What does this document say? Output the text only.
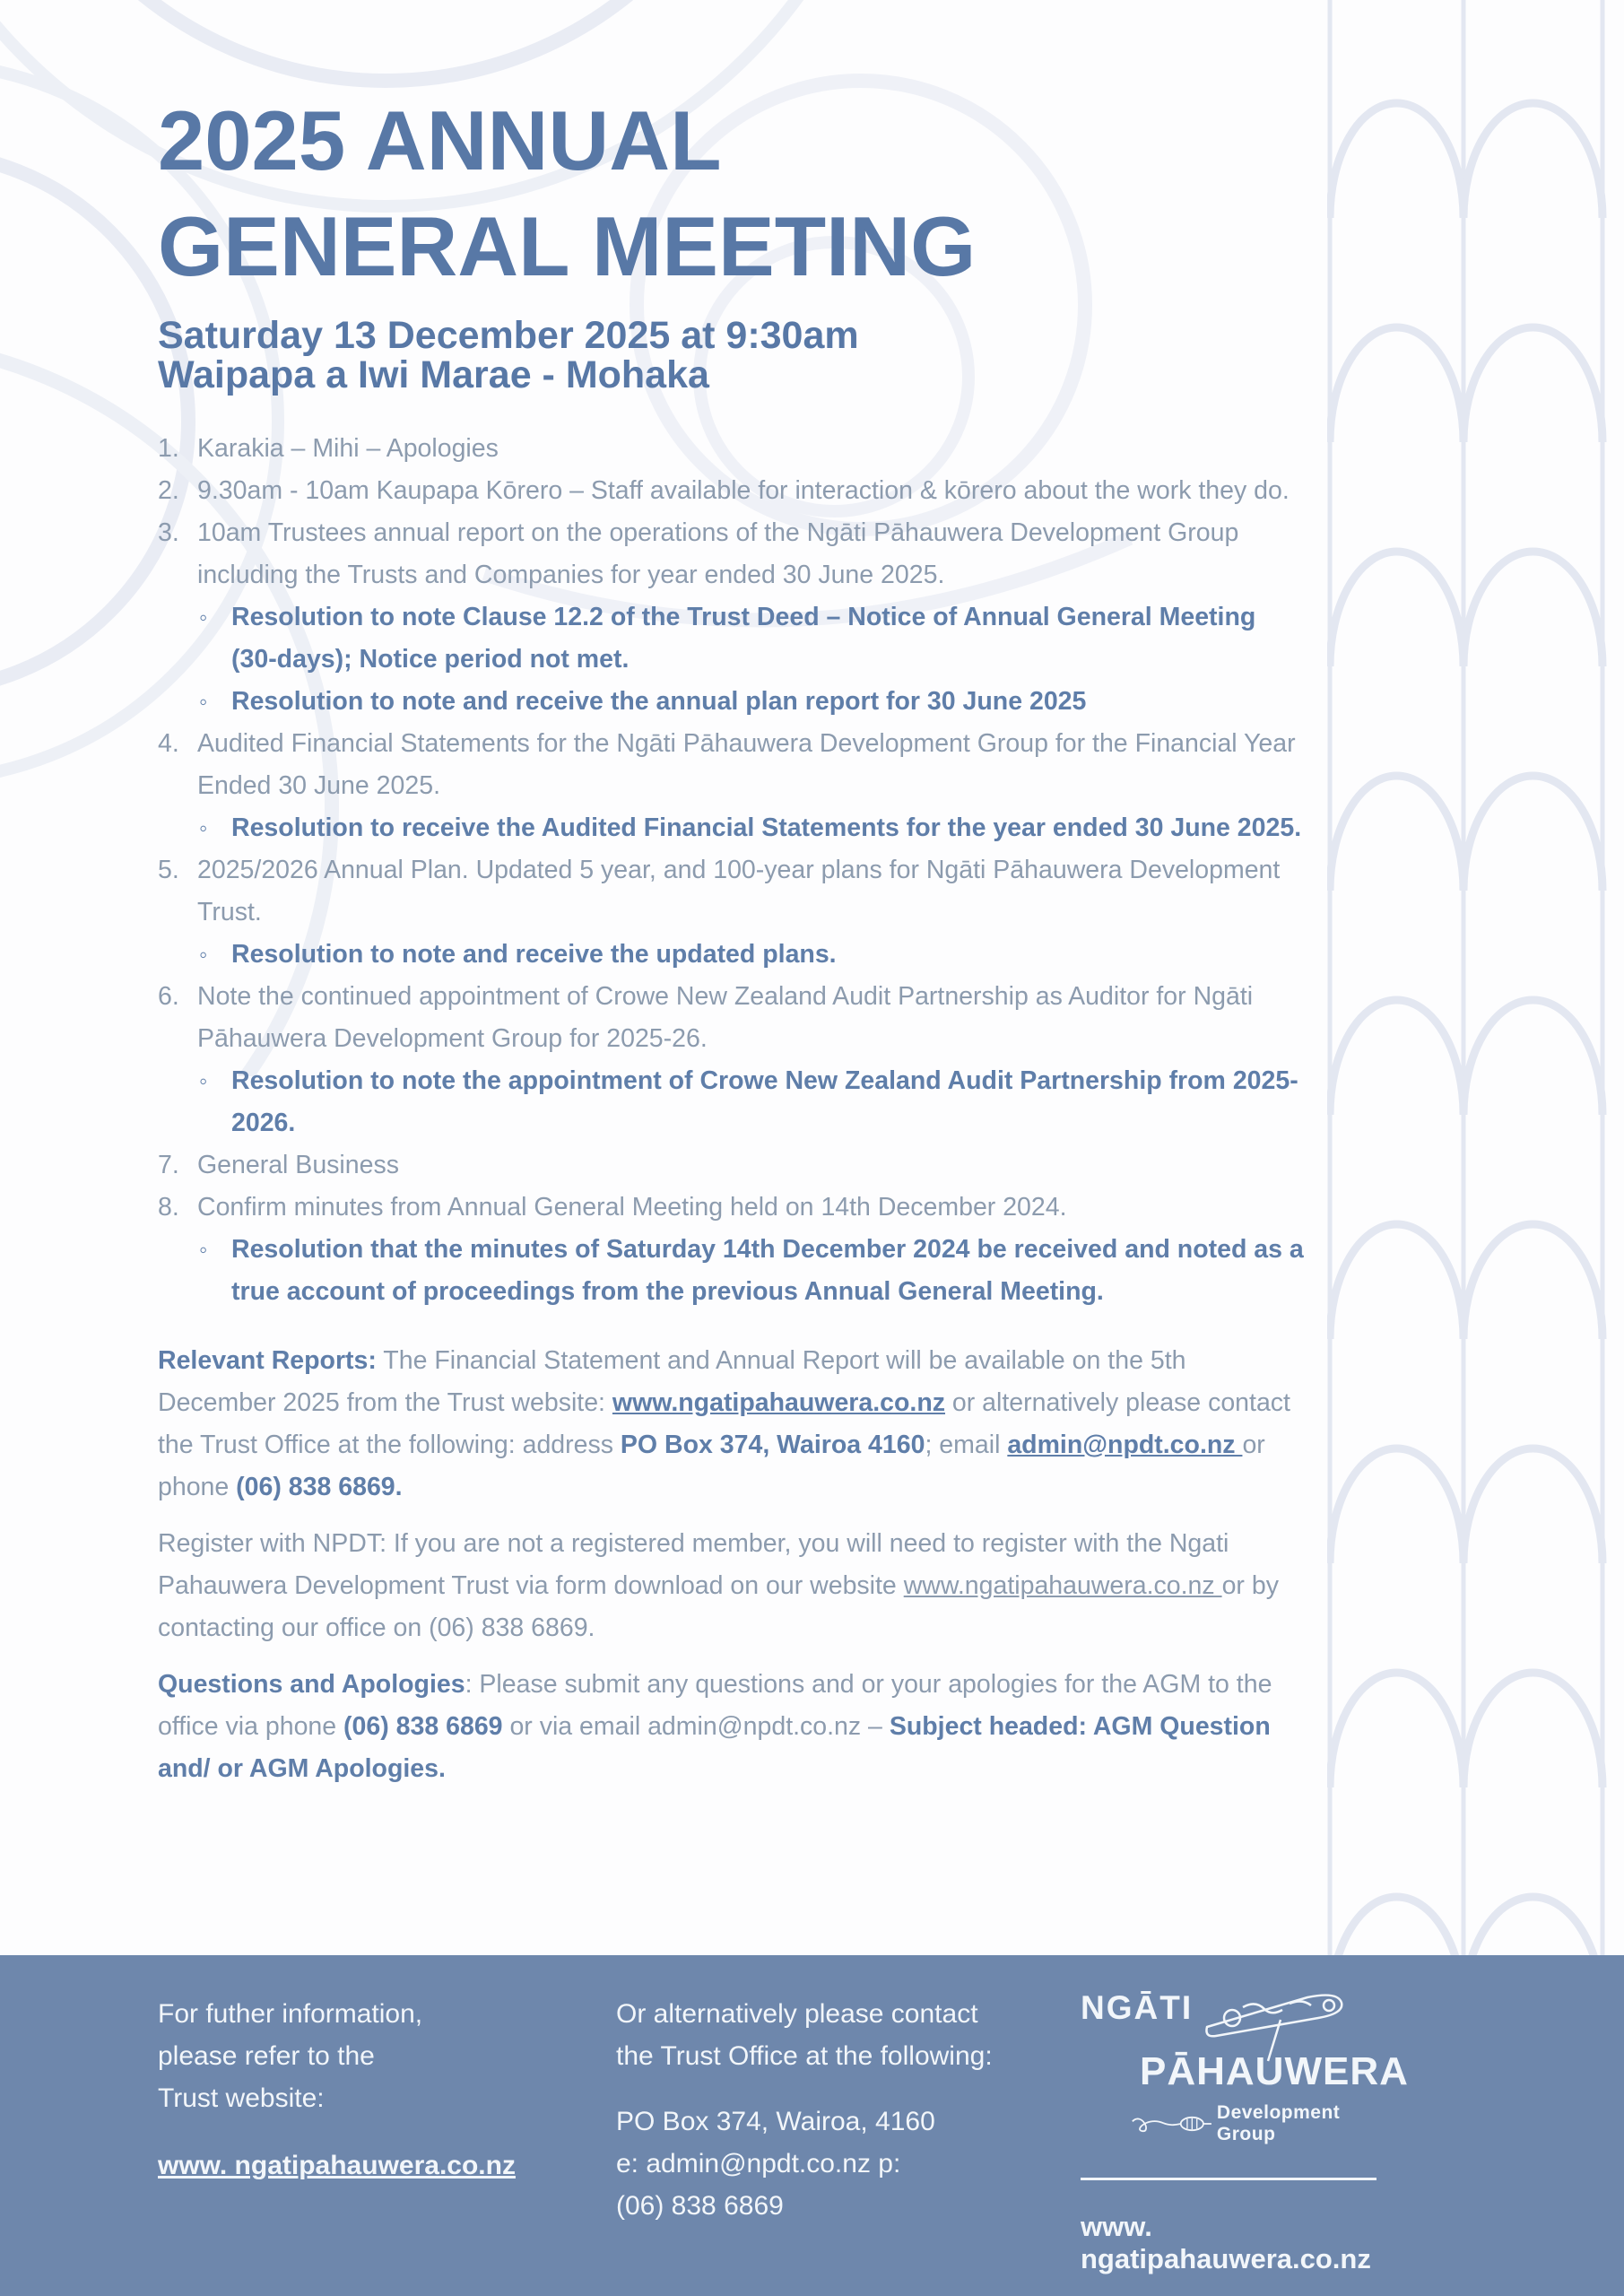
2025 ANNUAL
GENERAL MEETING
Saturday 13 December 2025 at 9:30am
Waipapa a Iwi Marae - Mohaka
1. Karakia – Mihi – Apologies
2. 9.30am - 10am Kaupapa Kōrero – Staff available for interaction & kōrero about the work they do.
3. 10am Trustees annual report on the operations of the Ngāti Pāhauwera Development Group including the Trusts and Companies for year ended 30 June 2025.
◦ Resolution to note Clause 12.2 of the Trust Deed – Notice of Annual General Meeting (30-days); Notice period not met.
◦ Resolution to note and receive the annual plan report for 30 June 2025
4. Audited Financial Statements for the Ngāti Pāhauwera Development Group for the Financial Year Ended 30 June 2025.
◦ Resolution to receive the Audited Financial Statements for the year ended 30 June 2025.
5. 2025/2026 Annual Plan. Updated 5 year, and 100-year plans for Ngāti Pāhauwera Development Trust.
◦ Resolution to note and receive the updated plans.
6. Note the continued appointment of Crowe New Zealand Audit Partnership as Auditor for Ngāti Pāhauwera Development Group for 2025-26.
◦ Resolution to note the appointment of Crowe New Zealand Audit Partnership from 2025-2026.
7. General Business
8. Confirm minutes from Annual General Meeting held on 14th December 2024.
◦ Resolution that the minutes of Saturday 14th December 2024 be received and noted as a true account of proceedings from the previous Annual General Meeting.
Relevant Reports: The Financial Statement and Annual Report will be available on the 5th December 2025 from the Trust website: www.ngatipahauwera.co.nz or alternatively please contact the Trust Office at the following: address PO Box 374, Wairoa 4160; email admin@npdt.co.nz or phone (06) 838 6869.
Register with NPDT: If you are not a registered member, you will need to register with the Ngati Pahauwera Development Trust via form download on our website www.ngatipahauwera.co.nz or by contacting our office on (06) 838 6869.
Questions and Apologies: Please submit any questions and or your apologies for the AGM to the office via phone (06) 838 6869 or via email admin@npdt.co.nz – Subject headed: AGM Question and/ or AGM Apologies.
For futher information,
please refer to the
Trust website:
www. ngatipahauwera.co.nz
Or alternatively please contact
the Trust Office at the following:
PO Box 374, Wairoa, 4160
e: admin@npdt.co.nz p:
(06) 838 6869
NGĀTI
PĀHAUWERA
Development Group
www. ngatipahauwera.co.nz
